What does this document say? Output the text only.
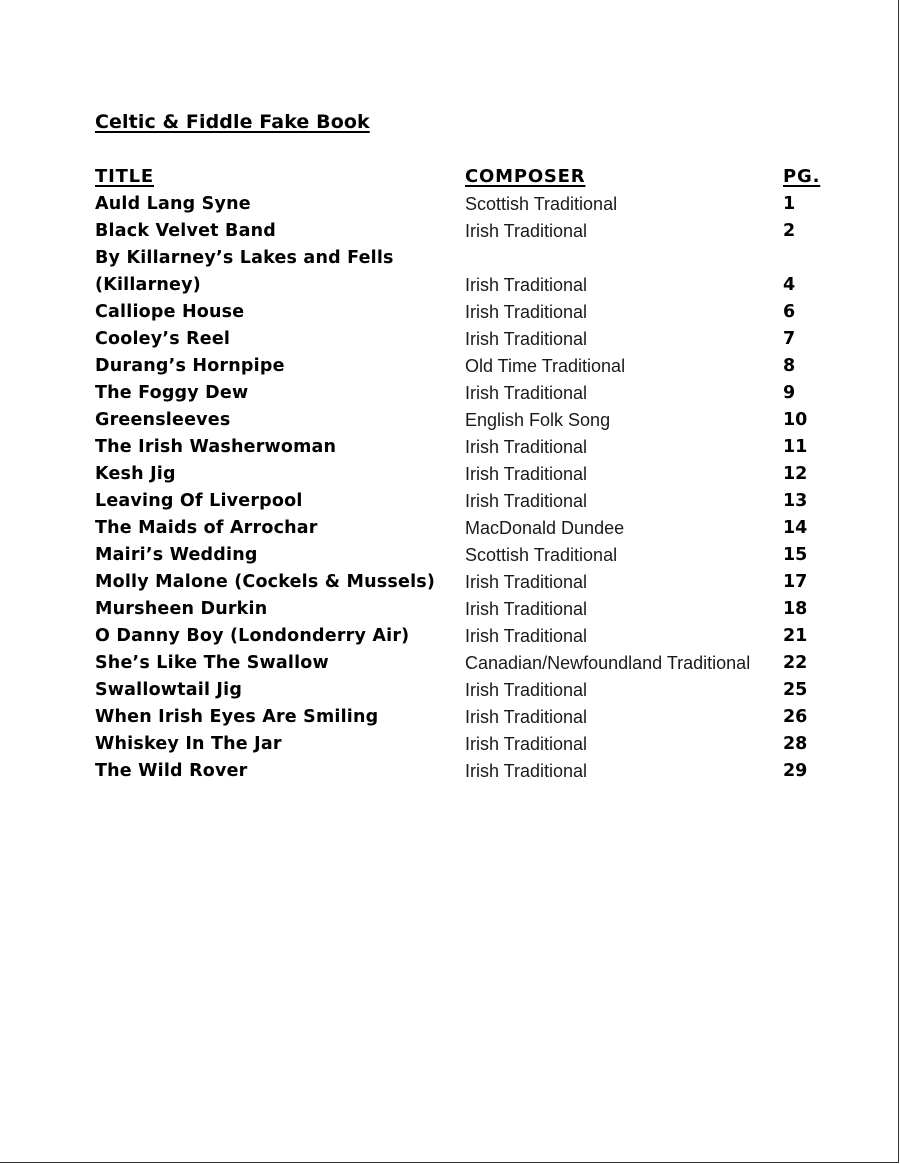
Celtic & Fiddle Fake Book
TITLE	COMPOSER	PG.
Auld Lang Syne	Scottish Traditional	1
Black Velvet Band	Irish Traditional	2
By Killarney’s Lakes and Fells
(Killarney)	Irish Traditional	4
Calliope House	Irish Traditional	6
Cooley’s Reel	Irish Traditional	7
Durang’s Hornpipe	Old Time Traditional	8
The Foggy Dew	Irish Traditional	9
Greensleeves	English Folk Song	10
The Irish Washerwoman	Irish Traditional	11
Kesh Jig	Irish Traditional	12
Leaving Of Liverpool	Irish Traditional	13
The Maids of Arrochar	MacDonald Dundee	14
Mairi’s Wedding	Scottish Traditional	15
Molly Malone (Cockels & Mussels) Irish Traditional	17
Mursheen Durkin	Irish Traditional	18
O Danny Boy (Londonderry Air)	Irish Traditional	21
She’s Like The Swallow	Canadian/Newfoundland Traditional 22
Swallowtail Jig	Irish Traditional	25
When Irish Eyes Are Smiling	Irish Traditional	26
Whiskey In The Jar	Irish Traditional	28
The Wild Rover	Irish Traditional	29
